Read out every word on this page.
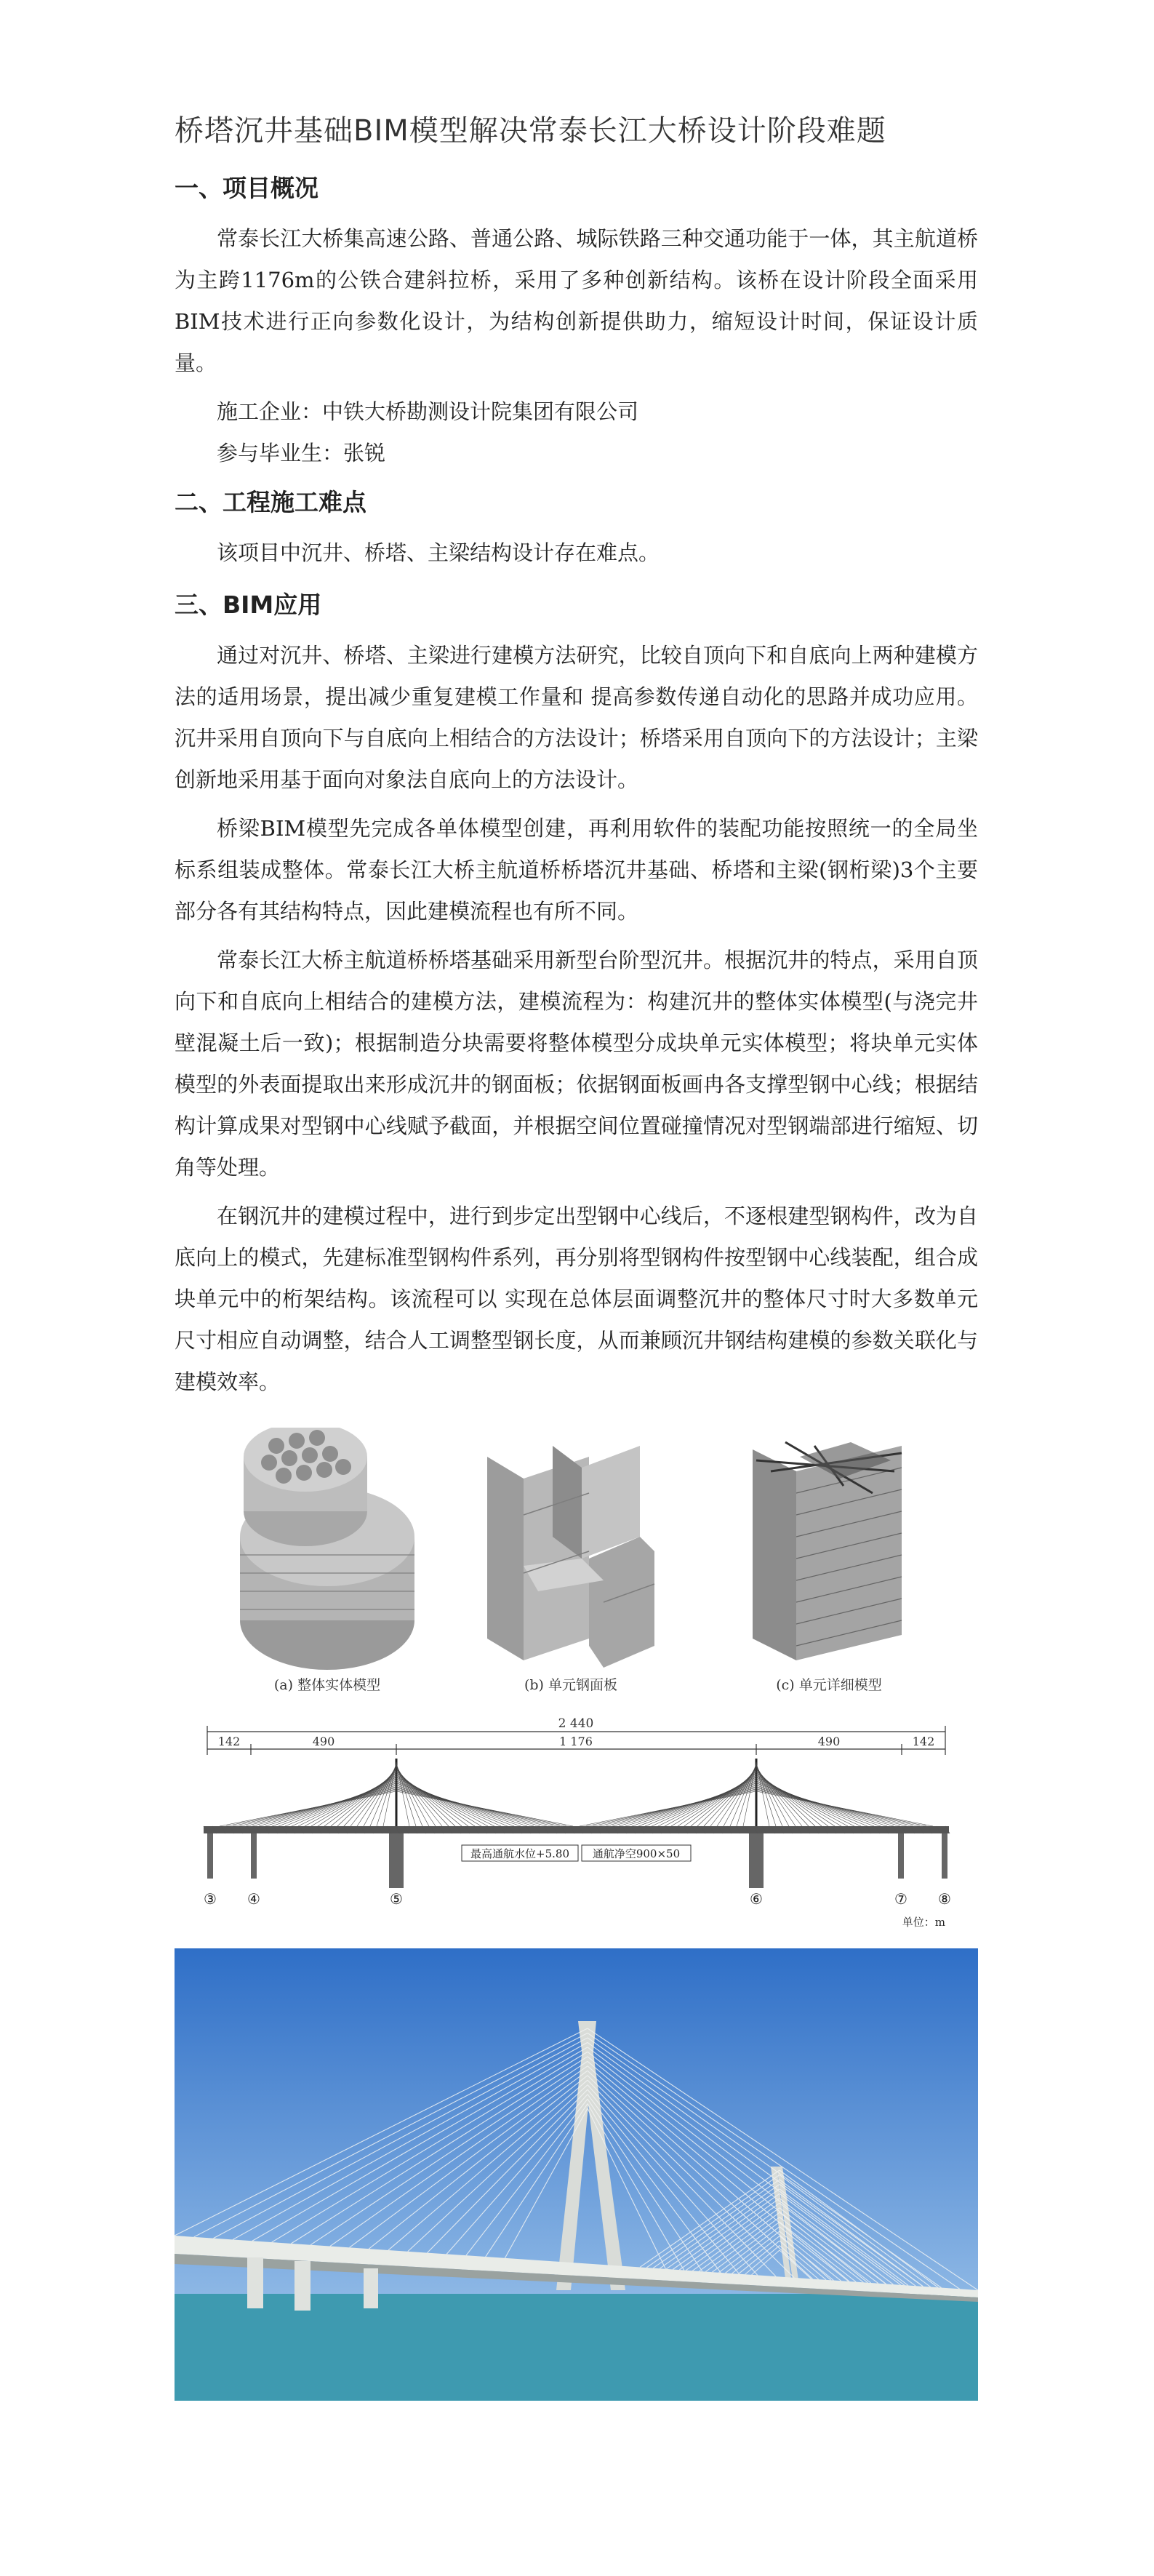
桥塔沉井基础BIM模型解决常泰长江大桥设计阶段难题
一、项目概况

常泰长江大桥集高速公路、普通公路、城际铁路三种交通功能于一体，其主航道桥为主跨1176m的公铁合建斜拉桥，采用了多种创新结构。该桥在设计阶段全面采用BIM技术进行正向参数化设计，为结构创新提供助力，缩短设计时间，保证设计质量。

施工企业：中铁大桥勘测设计院集团有限公司

参与毕业生：张锐

二、工程施工难点

该项目中沉井、桥塔、主梁结构设计存在难点。

三、BIM应用

通过对沉井、桥塔、主梁进行建模方法研究，比较自顶向下和自底向上两种建模方法的适用场景，提出减少重复建模工作量和 提高参数传递自动化的思路并成功应用。沉井采用自顶向下与自底向上相结合的方法设计；桥塔采用自顶向下的方法设计；主梁创新地采用基于面向对象法自底向上的方法设计。

桥梁BIM模型先完成各单体模型创建，再利用软件的装配功能按照统一的全局坐标系组装成整体。常泰长江大桥主航道桥桥塔沉井基础、桥塔和主梁(钢桁梁)3个主要部分各有其结构特点，因此建模流程也有所不同。

常泰长江大桥主航道桥桥塔基础采用新型台阶型沉井。根据沉井的特点，采用自顶向下和自底向上相结合的建模方法，建模流程为：构建沉井的整体实体模型(与浇完井壁混凝土后一致)；根据制造分块需要将整体模型分成块单元实体模型；将块单元实体模型的外表面提取出来形成沉井的钢面板；依据钢面板画冉各支撑型钢中心线；根据结构计算成果对型钢中心线赋予截面，并根据空间位置碰撞情况对型钢端部进行缩短、切角等处理。

在钢沉井的建模过程中，进行到步定出型钢中心线后，不逐根建型钢构件，改为自底向上的模式，先建标准型钢构件系列，再分别将型钢构件按型钢中心线装配，组合成块单元中的桁架结构。该流程可以 实现在总体层面调整沉井的整体尺寸时大多数单元 尺寸相应自动调整，结合人工调整型钢长度，从而兼顾沉井钢结构建模的参数关联化与建模效率。

(a) 整体实体模型	(b) 单元钢面板	(c) 单元详细模型
2 440
142	490	1 176	490	142
最高通航水位+5.80 通航净空900×50
③ ④	⑤	⑥	⑦ ⑧
单位：m
